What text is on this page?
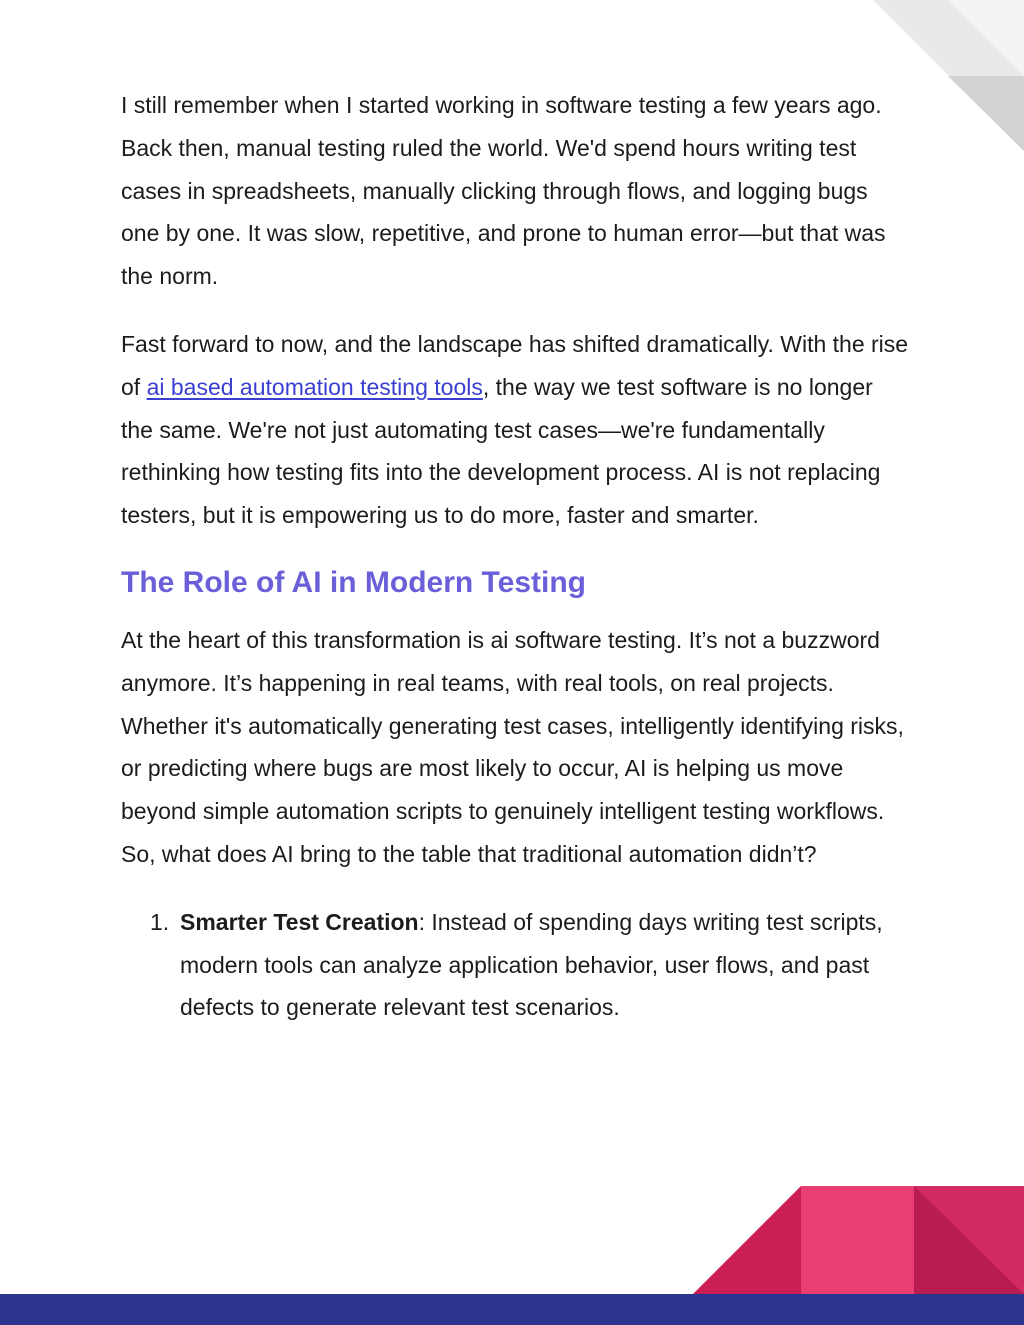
I still remember when I started working in software testing a few years ago. Back then, manual testing ruled the world. We'd spend hours writing test cases in spreadsheets, manually clicking through flows, and logging bugs one by one. It was slow, repetitive, and prone to human error—but that was the norm.

Fast forward to now, and the landscape has shifted dramatically. With the rise of ai based automation testing tools, the way we test software is no longer the same. We're not just automating test cases—we're fundamentally rethinking how testing fits into the development process. AI is not replacing testers, but it is empowering us to do more, faster and smarter.

The Role of AI in Modern Testing

At the heart of this transformation is ai software testing. It’s not a buzzword anymore. It’s happening in real teams, with real tools, on real projects. Whether it's automatically generating test cases, intelligently identifying risks, or predicting where bugs are most likely to occur, AI is helping us move beyond simple automation scripts to genuinely intelligent testing workflows.

So, what does AI bring to the table that traditional automation didn’t?

1. Smarter Test Creation: Instead of spending days writing test scripts, modern tools can analyze application behavior, user flows, and past defects to generate relevant test scenarios.
